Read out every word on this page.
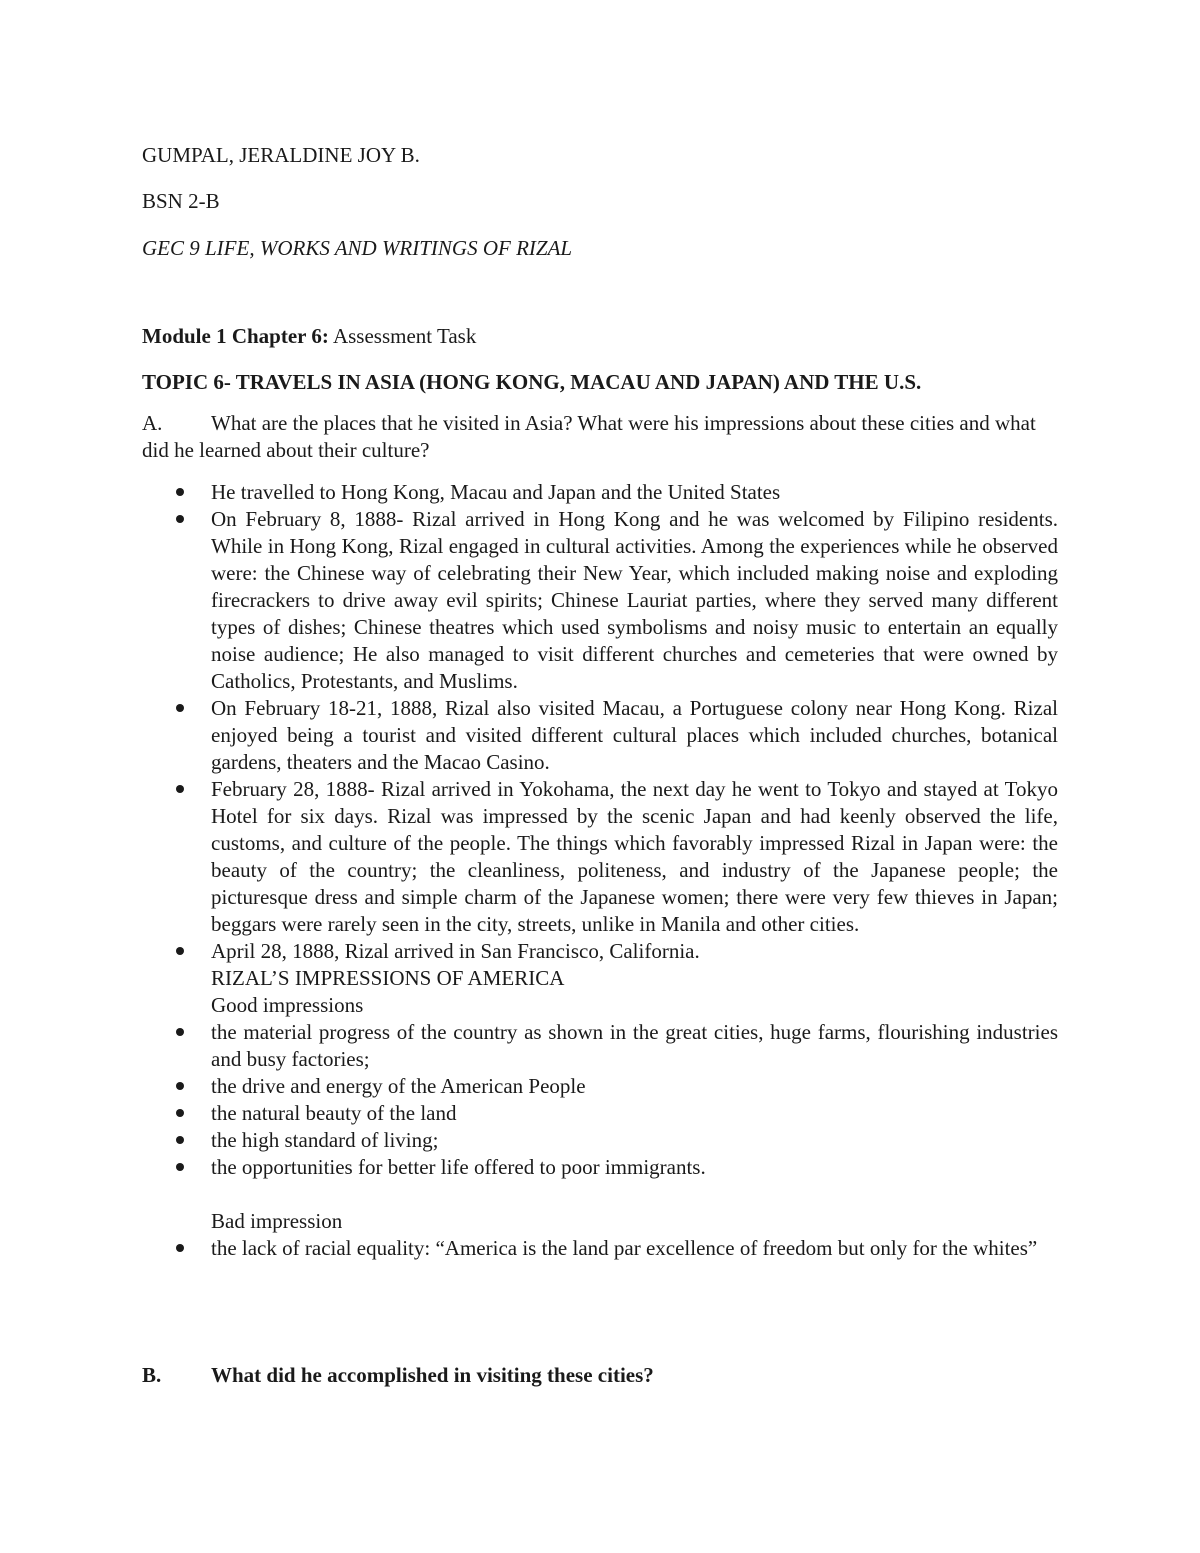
GUMPAL, JERALDINE JOY B.
BSN 2-B
GEC 9 LIFE, WORKS AND WRITINGS OF RIZAL
Module 1 Chapter 6: Assessment Task
TOPIC 6- TRAVELS IN ASIA (HONG KONG, MACAU AND JAPAN) AND THE U.S.
A. What are the places that he visited in Asia? What were his impressions about these cities and what did he learned about their culture?
He travelled to Hong Kong, Macau and Japan and the United States
On February 8, 1888- Rizal arrived in Hong Kong and he was welcomed by Filipino residents. While in Hong Kong, Rizal engaged in cultural activities. Among the experiences while he observed were: the Chinese way of celebrating their New Year, which included making noise and exploding firecrackers to drive away evil spirits; Chinese Lauriat parties, where they served many different types of dishes; Chinese theatres which used symbolisms and noisy music to entertain an equally noise audience; He also managed to visit different churches and cemeteries that were owned by Catholics, Protestants, and Muslims.
On February 18-21, 1888, Rizal also visited Macau, a Portuguese colony near Hong Kong. Rizal enjoyed being a tourist and visited different cultural places which included churches, botanical gardens, theaters and the Macao Casino.
February 28, 1888- Rizal arrived in Yokohama, the next day he went to Tokyo and stayed at Tokyo Hotel for six days. Rizal was impressed by the scenic Japan and had keenly observed the life, customs, and culture of the people. The things which favorably impressed Rizal in Japan were: the beauty of the country; the cleanliness, politeness, and industry of the Japanese people; the picturesque dress and simple charm of the Japanese women; there were very few thieves in Japan; beggars were rarely seen in the city, streets, unlike in Manila and other cities.
April 28, 1888, Rizal arrived in San Francisco, California.
RIZAL’S IMPRESSIONS OF AMERICA
Good impressions
the material progress of the country as shown in the great cities, huge farms, flourishing industries and busy factories;
the drive and energy of the American People
the natural beauty of the land
the high standard of living;
the opportunities for better life offered to poor immigrants.
Bad impression
the lack of racial equality: “America is the land par excellence of freedom but only for the whites”
B. What did he accomplished in visiting these cities?
